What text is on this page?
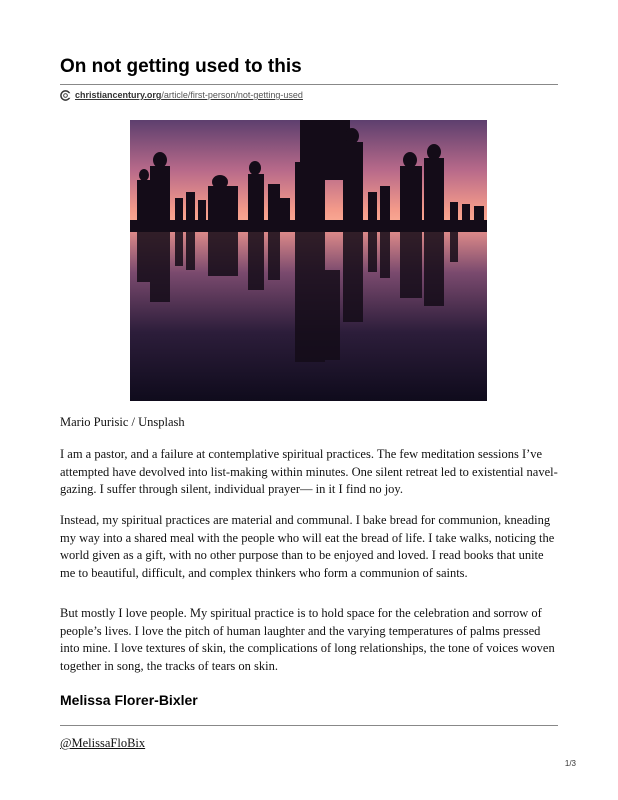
On not getting used to this
christiancentury.org/article/first-person/not-getting-used
Mario Purisic / Unsplash

I am a pastor, and a failure at contemplative spiritual practices. The few meditation sessions I’ve attempted have devolved into list-making within minutes. One silent retreat led to existential navel-gazing. I suffer through silent, individual prayer— in it I find no joy.

Instead, my spiritual practices are material and communal. I bake bread for communion, kneading my way into a shared meal with the people who will eat the bread of life. I take walks, noticing the world given as a gift, with no other purpose than to be enjoyed and loved. I read books that unite me to beautiful, difficult, and complex thinkers who form a communion of saints.

But mostly I love people. My spiritual practice is to hold space for the celebration and sorrow of people’s lives. I love the pitch of human laughter and the varying temperatures of palms pressed into mine. I love textures of skin, the complications of long relationships, the tone of voices woven together in song, the tracks of tears on skin.

Melissa Florer-Bixler
@MelissaFloBix
1/3
